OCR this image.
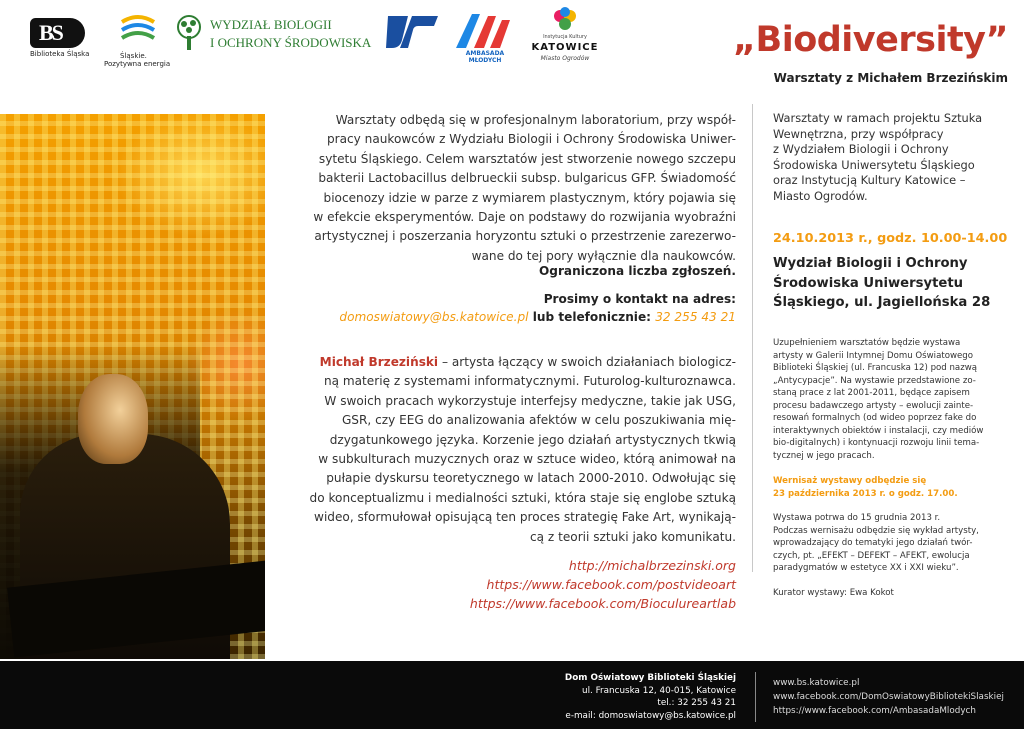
BS
Biblioteka Śląska	Śląskie.
Pozytywna energia
WYDZIAŁ BIOLOGII
I OCHRONY ŚRODOWISKA
AMBASADA
MŁODYCH
Instytucja Kultury
KATOWICE
Miasto Ogrodów	„Biodiversity”
Warsztaty z Michałem Brzezińskim
Warsztaty odbędą się w profesjonalnym laboratorium, przy współ-
pracy naukowców z Wydziału Biologii i Ochrony Środowiska Uniwer-
sytetu Śląskiego. Celem warsztatów jest stworzenie nowego szczepu
bakterii Lactobacillus delbrueckii subsp. bulgaricus GFP. Świadomość
biocenozy idzie w parze z wymiarem plastycznym, który pojawia się
w efekcie eksperymentów. Daje on podstawy do rozwijania wyobraźni
artystycznej i poszerzania horyzontu sztuki o przestrzenie zarezerwo-
wane do tej pory wyłącznie dla naukowców.
Ograniczona liczba zgłoszeń.
Prosimy o kontakt na adres:
domoswiatowy@bs.katowice.pl lub telefonicznie: 32 255 43 21
Michał Brzeziński – artysta łączący w swoich działaniach biologicz-
ną materię z systemami informatycznymi. Futurolog-kulturoznawca.
W swoich pracach wykorzystuje interfejsy medyczne, takie jak USG,
GSR, czy EEG do analizowania afektów w celu poszukiwania mię-
dzygatunkowego języka. Korzenie jego działań artystycznych tkwią
w subkulturach muzycznych oraz w sztuce wideo, którą animował na
pułapie dyskursu teoretycznego w latach 2000-2010. Odwołując się
do konceptualizmu i medialności sztuki, która staje się englobe sztuką
wideo, sformułował opisującą ten proces strategię Fake Art, wynikają-
cą z teorii sztuki jako komunikatu.
http://michalbrzezinski.org
https://www.facebook.com/postvideoart
https://www.facebook.com/Bioculureartlab
Warsztaty w ramach projektu Sztuka
Wewnętrzna, przy współpracy
z Wydziałem Biologii i Ochrony
Środowiska Uniwersytetu Śląskiego
oraz Instytucją Kultury Katowice –
Miasto Ogrodów.
24.10.2013 r., godz. 10.00-14.00
Wydział Biologii i Ochrony
Środowiska Uniwersytetu
Śląskiego, ul. Jagiellońska 28
Uzupełnieniem warsztatów będzie wystawa
artysty w Galerii Intymnej Domu Oświatowego
Biblioteki Śląskiej (ul. Francuska 12) pod nazwą
„Antycypacje”. Na wystawie przedstawione zo-
staną prace z lat 2001-2011, będące zapisem
procesu badawczego artysty – ewolucji zainte-
resowań formalnych (od wideo poprzez fake do
interaktywnych obiektów i instalacji, czy mediów
bio-digitalnych) i kontynuacji rozwoju linii tema-
tycznej w jego pracach.
Wernisaż wystawy odbędzie się
23 października 2013 r. o godz. 17.00.
Wystawa potrwa do 15 grudnia 2013 r.
Podczas wernisażu odbędzie się wykład artysty,
wprowadzający do tematyki jego działań twór-
czych, pt. „EFEKT – DEFEKT – AFEKT, ewolucja
paradygmatów w estetyce XX i XXI wieku”.
Kurator wystawy: Ewa Kokot
Dom Oświatowy Biblioteki Śląskiej
ul. Francuska 12, 40-015, Katowice
tel.: 32 255 43 21
e-mail: domoswiatowy@bs.katowice.pl
www.bs.katowice.pl
www.facebook.com/DomOswiatowyBibliotekiSlaskiej
https://www.facebook.com/AmbasadaMlodych
